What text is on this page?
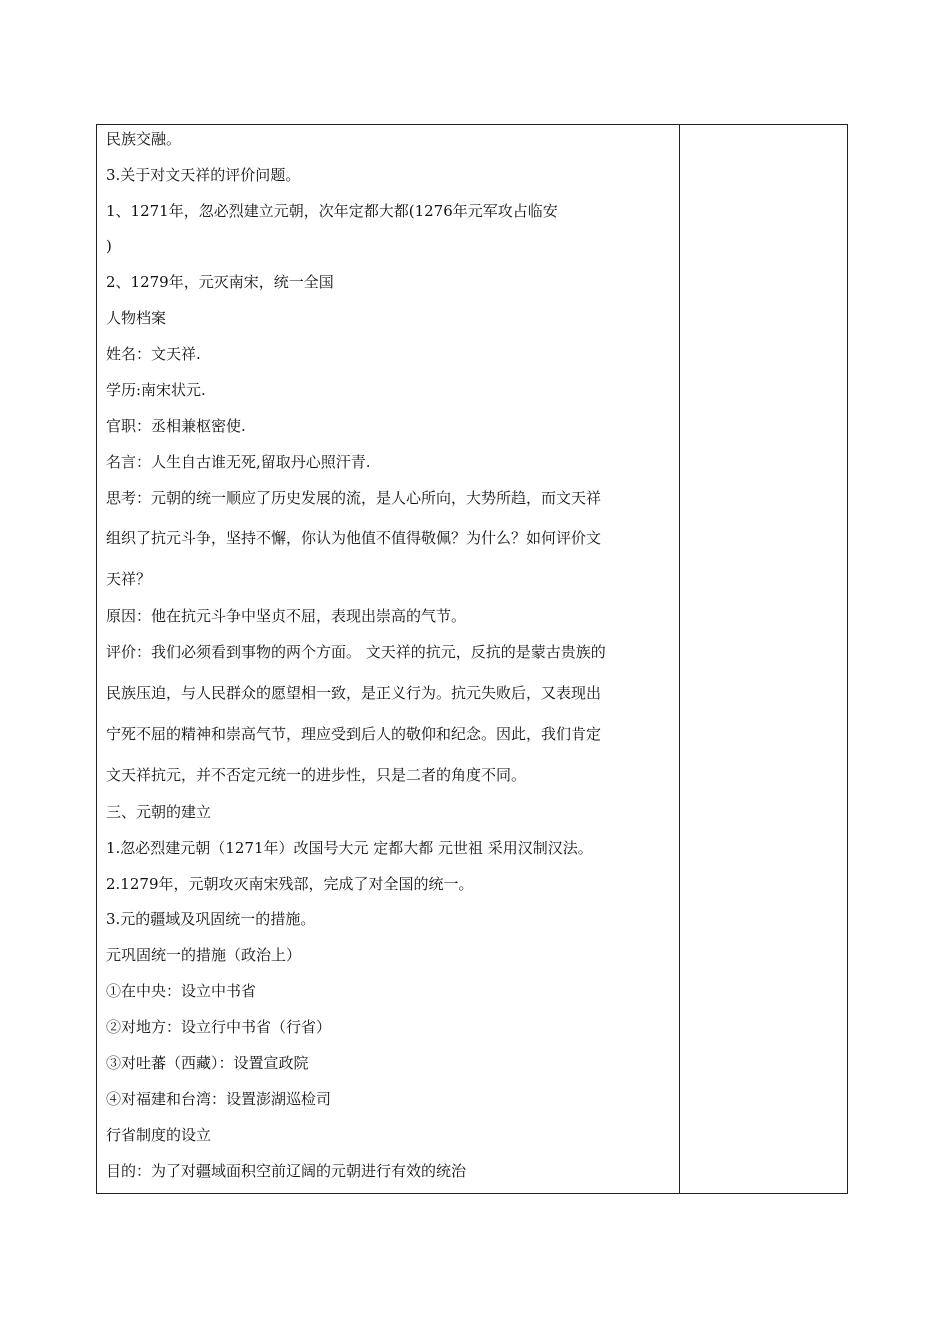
民族交融。
3.关于对文天祥的评价问题。
1、1271年，忽必烈建立元朝，次年定都大都(1276年元军攻占临安
)
2、1279年，元灭南宋，统一全国
人物档案
姓名：文天祥.
学历:南宋状元.
官职：丞相兼枢密使.
名言：人生自古谁无死,留取丹心照汗青.
思考：元朝的统一顺应了历史发展的流，是人心所向，大势所趋，而文天祥
组织了抗元斗争，坚持不懈，你认为他值不值得敬佩？为什么？如何评价文
天祥？
原因：他在抗元斗争中坚贞不屈，表现出崇高的气节。
评价：我们必须看到事物的两个方面。 文天祥的抗元，反抗的是蒙古贵族的
民族压迫，与人民群众的愿望相一致，是正义行为。抗元失败后，又表现出
宁死不屈的精神和崇高气节，理应受到后人的敬仰和纪念。因此，我们肯定
文天祥抗元，并不否定元统一的进步性，只是二者的角度不同。
三、元朝的建立
1.忽必烈建元朝（1271年）改国号大元 定都大都 元世祖 采用汉制汉法。
2.1279年，元朝攻灭南宋残部，完成了对全国的统一。
3.元的疆域及巩固统一的措施。
元巩固统一的措施（政治上）
①在中央：设立中书省
②对地方：设立行中书省（行省）
③对吐蕃（西藏）：设置宣政院
④对福建和台湾：设置澎湖巡检司
行省制度的设立
目的：为了对疆域面积空前辽阔的元朝进行有效的统治
